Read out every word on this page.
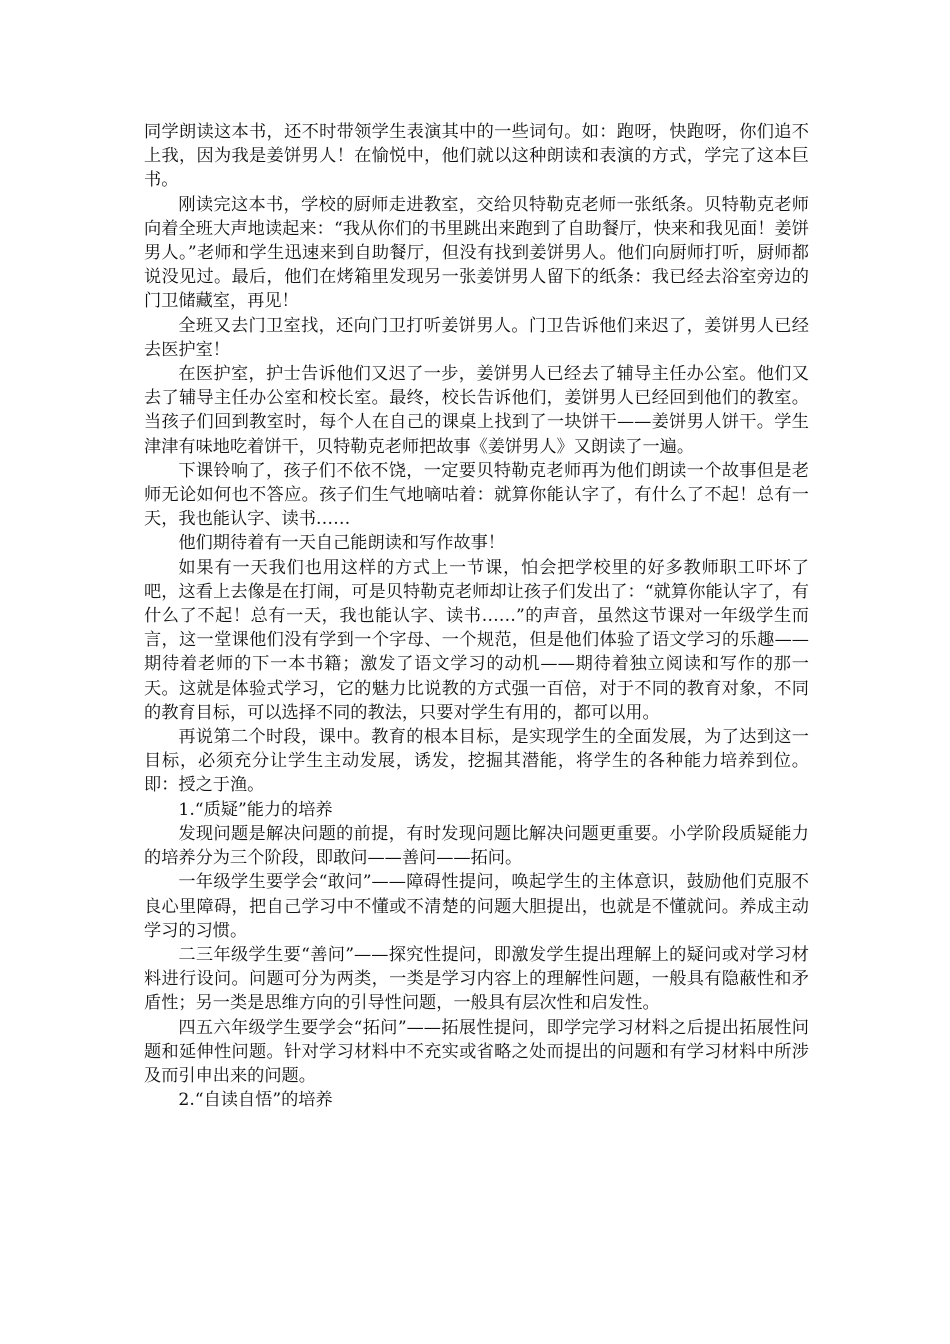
同学朗读这本书，还不时带领学生表演其中的一些词句。如：跑呀，快跑呀，你们追不上我，因为我是姜饼男人！在愉悦中，他们就以这种朗读和表演的方式，学完了这本巨书。

刚读完这本书，学校的厨师走进教室，交给贝特勒克老师一张纸条。贝特勒克老师向着全班大声地读起来：“我从你们的书里跳出来跑到了自助餐厅，快来和我见面！姜饼男人。”老师和学生迅速来到自助餐厅，但没有找到姜饼男人。他们向厨师打听，厨师都说没见过。最后，他们在烤箱里发现另一张姜饼男人留下的纸条：我已经去浴室旁边的门卫储藏室，再见！

全班又去门卫室找，还向门卫打听姜饼男人。门卫告诉他们来迟了，姜饼男人已经去医护室！

在医护室，护士告诉他们又迟了一步，姜饼男人已经去了辅导主任办公室。他们又去了辅导主任办公室和校长室。最终，校长告诉他们，姜饼男人已经回到他们的教室。当孩子们回到教室时，每个人在自己的课桌上找到了一块饼干——姜饼男人饼干。学生津津有味地吃着饼干，贝特勒克老师把故事《姜饼男人》又朗读了一遍。

下课铃响了，孩子们不依不饶，一定要贝特勒克老师再为他们朗读一个故事但是老师无论如何也不答应。孩子们生气地嘀咕着：就算你能认字了，有什么了不起！总有一天，我也能认字、读书……

他们期待着有一天自己能朗读和写作故事！

如果有一天我们也用这样的方式上一节课，怕会把学校里的好多教师职工吓坏了吧，这看上去像是在打闹，可是贝特勒克老师却让孩子们发出了：“就算你能认字了，有什么了不起！总有一天，我也能认字、读书……”的声音，虽然这节课对一年级学生而言，这一堂课他们没有学到一个字母、一个规范，但是他们体验了语文学习的乐趣——期待着老师的下一本书籍；激发了语文学习的动机——期待着独立阅读和写作的那一天。这就是体验式学习，它的魅力比说教的方式强一百倍，对于不同的教育对象，不同的教育目标，可以选择不同的教法，只要对学生有用的，都可以用。

再说第二个时段，课中。教育的根本目标，是实现学生的全面发展，为了达到这一目标，必须充分让学生主动发展，诱发，挖掘其潜能，将学生的各种能力培养到位。即：授之于渔。

1.“质疑”能力的培养

发现问题是解决问题的前提，有时发现问题比解决问题更重要。小学阶段质疑能力的培养分为三个阶段，即敢问——善问——拓问。

一年级学生要学会“敢问”——障碍性提问，唤起学生的主体意识，鼓励他们克服不良心里障碍，把自己学习中不懂或不清楚的问题大胆提出，也就是不懂就问。养成主动学习的习惯。

二三年级学生要“善问”——探究性提问，即激发学生提出理解上的疑问或对学习材料进行设问。问题可分为两类，一类是学习内容上的理解性问题，一般具有隐蔽性和矛盾性；另一类是思维方向的引导性问题，一般具有层次性和启发性。

四五六年级学生要学会“拓问”——拓展性提问，即学完学习材料之后提出拓展性问题和延伸性问题。针对学习材料中不充实或省略之处而提出的问题和有学习材料中所涉及而引申出来的问题。

2.“自读自悟”的培养
